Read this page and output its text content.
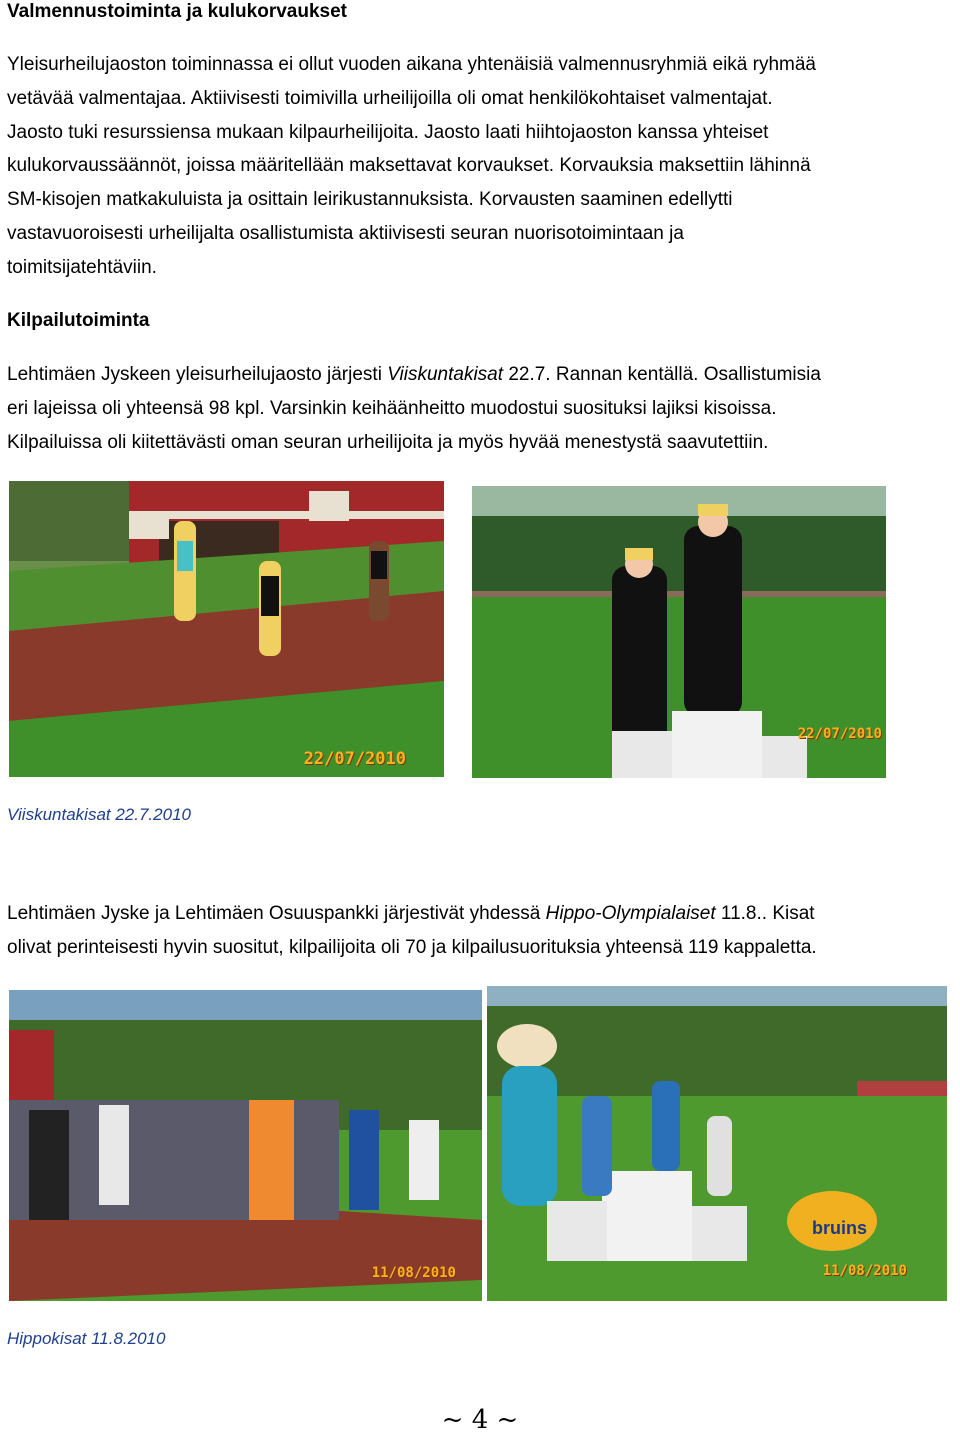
Valmennustoiminta ja kulukorvaukset

Yleisurheilujaoston toiminnassa ei ollut vuoden aikana yhtenäisiä valmennusryhmiä eikä ryhmää

vetävää valmentajaa. Aktiivisesti toimivilla urheilijoilla oli omat henkilökohtaiset valmentajat.

Jaosto tuki resurssiensa mukaan kilpaurheilijoita. Jaosto laati hiihtojaoston kanssa yhteiset

kulukorvaussäännöt, joissa määritellään maksettavat korvaukset. Korvauksia maksettiin lähinnä

SM-kisojen matkakuluista ja osittain leirikustannuksista. Korvausten saaminen edellytti

vastavuoroisesti urheilijalta osallistumista aktiivisesti seuran nuorisotoimintaan ja

toimitsijatehtäviin.

Kilpailutoiminta

Lehtimäen Jyskeen yleisurheilujaosto järjesti Viiskuntakisat 22.7. Rannan kentällä. Osallistumisia

eri lajeissa oli yhteensä 98 kpl. Varsinkin keihäänheitto muodostui suosituksi lajiksi kisoissa.

Kilpailuissa oli kiitettävästi oman seuran urheilijoita ja myös hyvää menestystä saavutettiin.

22/07/2010
22/07/2010
Viiskuntakisat 22.7.2010

Lehtimäen Jyske ja Lehtimäen Osuuspankki järjestivät yhdessä Hippo-Olympialaiset 11.8.. Kisat

olivat perinteisesti hyvin suositut, kilpailijoita oli 70 ja kilpailusuorituksia yhteensä 119 kappaletta.

11/08/2010	11/08/2010
bruins
Hippokisat 11.8.2010
~ 4 ~
